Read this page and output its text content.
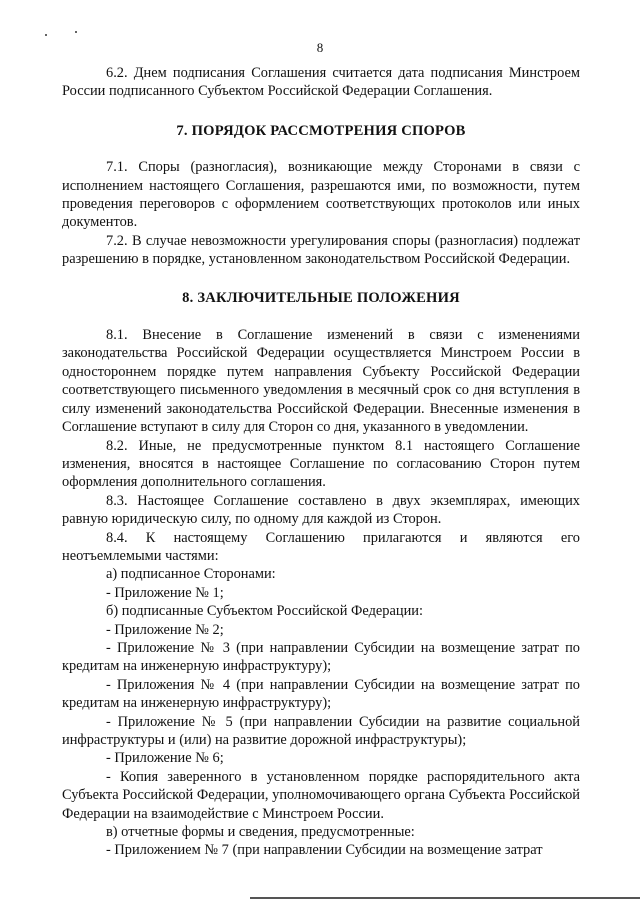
8

6.2. Днем подписания Соглашения считается дата подписания Минстроем России подписанного Субъектом Российской Федерации Соглашения.

7. ПОРЯДОК РАССМОТРЕНИЯ СПОРОВ

7.1. Споры (разногласия), возникающие между Сторонами в связи с исполнением настоящего Соглашения, разрешаются ими, по возможности, путем проведения переговоров с оформлением соответствующих протоколов или иных документов.

7.2. В случае невозможности урегулирования споры (разногласия) подлежат разрешению в порядке, установленном законодательством Российской Федерации.

8. ЗАКЛЮЧИТЕЛЬНЫЕ ПОЛОЖЕНИЯ

8.1. Внесение в Соглашение изменений в связи с изменениями законодательства Российской Федерации осуществляется Минстроем России в одностороннем порядке путем направления Субъекту Российской Федерации соответствующего письменного уведомления в месячный срок со дня вступления в силу изменений законодательства Российской Федерации. Внесенные изменения в Соглашение вступают в силу для Сторон со дня, указанного в уведомлении.

8.2. Иные, не предусмотренные пунктом 8.1 настоящего Соглашение изменения, вносятся в настоящее Соглашение по согласованию Сторон путем оформления дополнительного соглашения.

8.3. Настоящее Соглашение составлено в двух экземплярах, имеющих равную юридическую силу, по одному для каждой из Сторон.

8.4. К настоящему Соглашению прилагаются и являются его неотъемлемыми частями:

а) подписанное Сторонами:

- Приложение № 1;

б) подписанные Субъектом Российской Федерации:

- Приложение № 2;

- Приложение № 3 (при направлении Субсидии на возмещение затрат по кредитам на инженерную инфраструктуру);

- Приложения № 4 (при направлении Субсидии на возмещение затрат по кредитам на инженерную инфраструктуру);

- Приложение № 5 (при направлении Субсидии на развитие социальной инфраструктуры и (или) на развитие дорожной инфраструктуры);

- Приложение № 6;

- Копия заверенного в установленном порядке распорядительного акта Субъекта Российской Федерации, уполномочивающего органа Субъекта Российской Федерации на взаимодействие с Минстроем России.

в) отчетные формы и сведения, предусмотренные:

- Приложением № 7 (при направлении Субсидии на возмещение затрат
